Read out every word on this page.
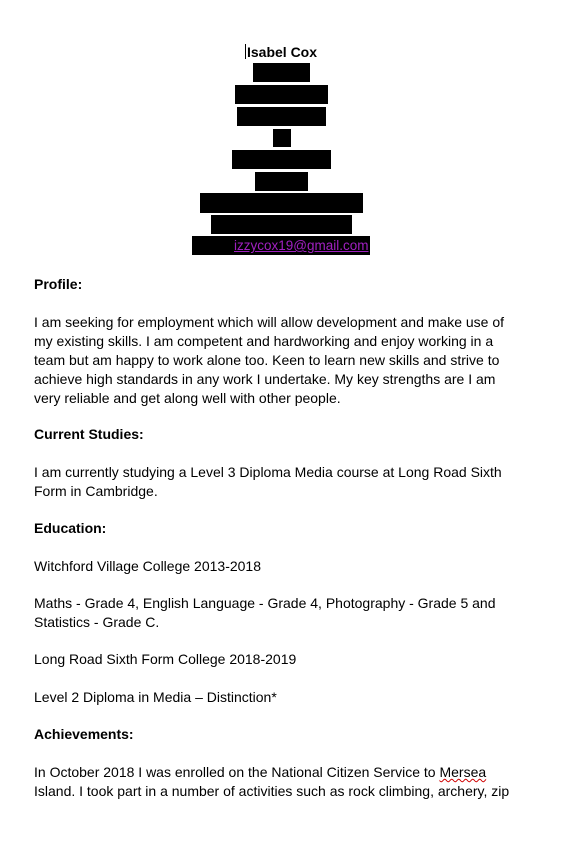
Isabel Cox
izzycox19@gmail.com
Profile:
I am seeking for employment which will allow development and make use of my existing skills. I am competent and hardworking and enjoy working in a team but am happy to work alone too. Keen to learn new skills and strive to achieve high standards in any work I undertake. My key strengths are I am very reliable and get along well with other people.
Current Studies:
I am currently studying a Level 3 Diploma Media course at Long Road Sixth Form in Cambridge.
Education:
Witchford Village College 2013-2018
Maths - Grade 4, English Language - Grade 4, Photography - Grade 5 and Statistics - Grade C.
Long Road Sixth Form College 2018-2019
Level 2 Diploma in Media – Distinction*
Achievements:
In October 2018 I was enrolled on the National Citizen Service to Mersea Island. I took part in a number of activities such as rock climbing, archery, zip
